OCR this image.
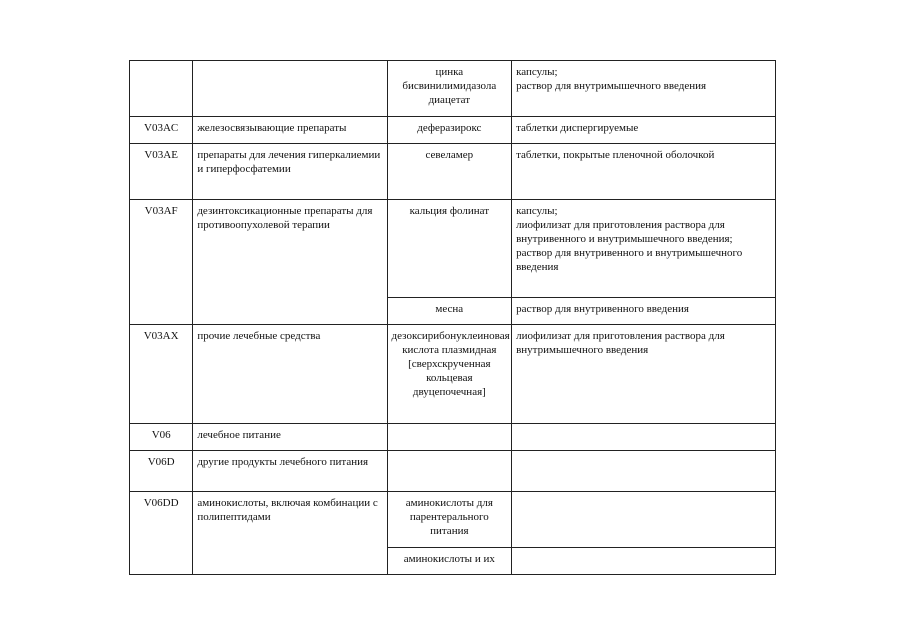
		цинка бисвинилимидазола диацетат	капсулы;
раствор для внутримышечного введения
V03AC	железосвязывающие препараты	деферазирокс	таблетки диспергируемые
V03AE	препараты для лечения гиперкалиемии и гиперфосфатемии	севеламер	таблетки, покрытые пленочной оболочкой
V03AF	дезинтоксикационные препараты для противоопухолевой терапии	кальция фолинат	капсулы;
лиофилизат для приготовления раствора для внутривенного и внутримышечного введения;
раствор для внутривенного и внутримышечного введения
		месна	раствор для внутривенного введения
V03AX	прочие лечебные средства	дезоксирибонуклеиновая кислота плазмидная [сверхскрученная кольцевая двуцепочечная]	лиофилизат для приготовления раствора для внутримышечного введения
V06	лечебное питание		
V06D	другие продукты лечебного питания		
V06DD	аминокислоты, включая комбинации с полипептидами	аминокислоты для парентерального питания	
		аминокислоты и их	
